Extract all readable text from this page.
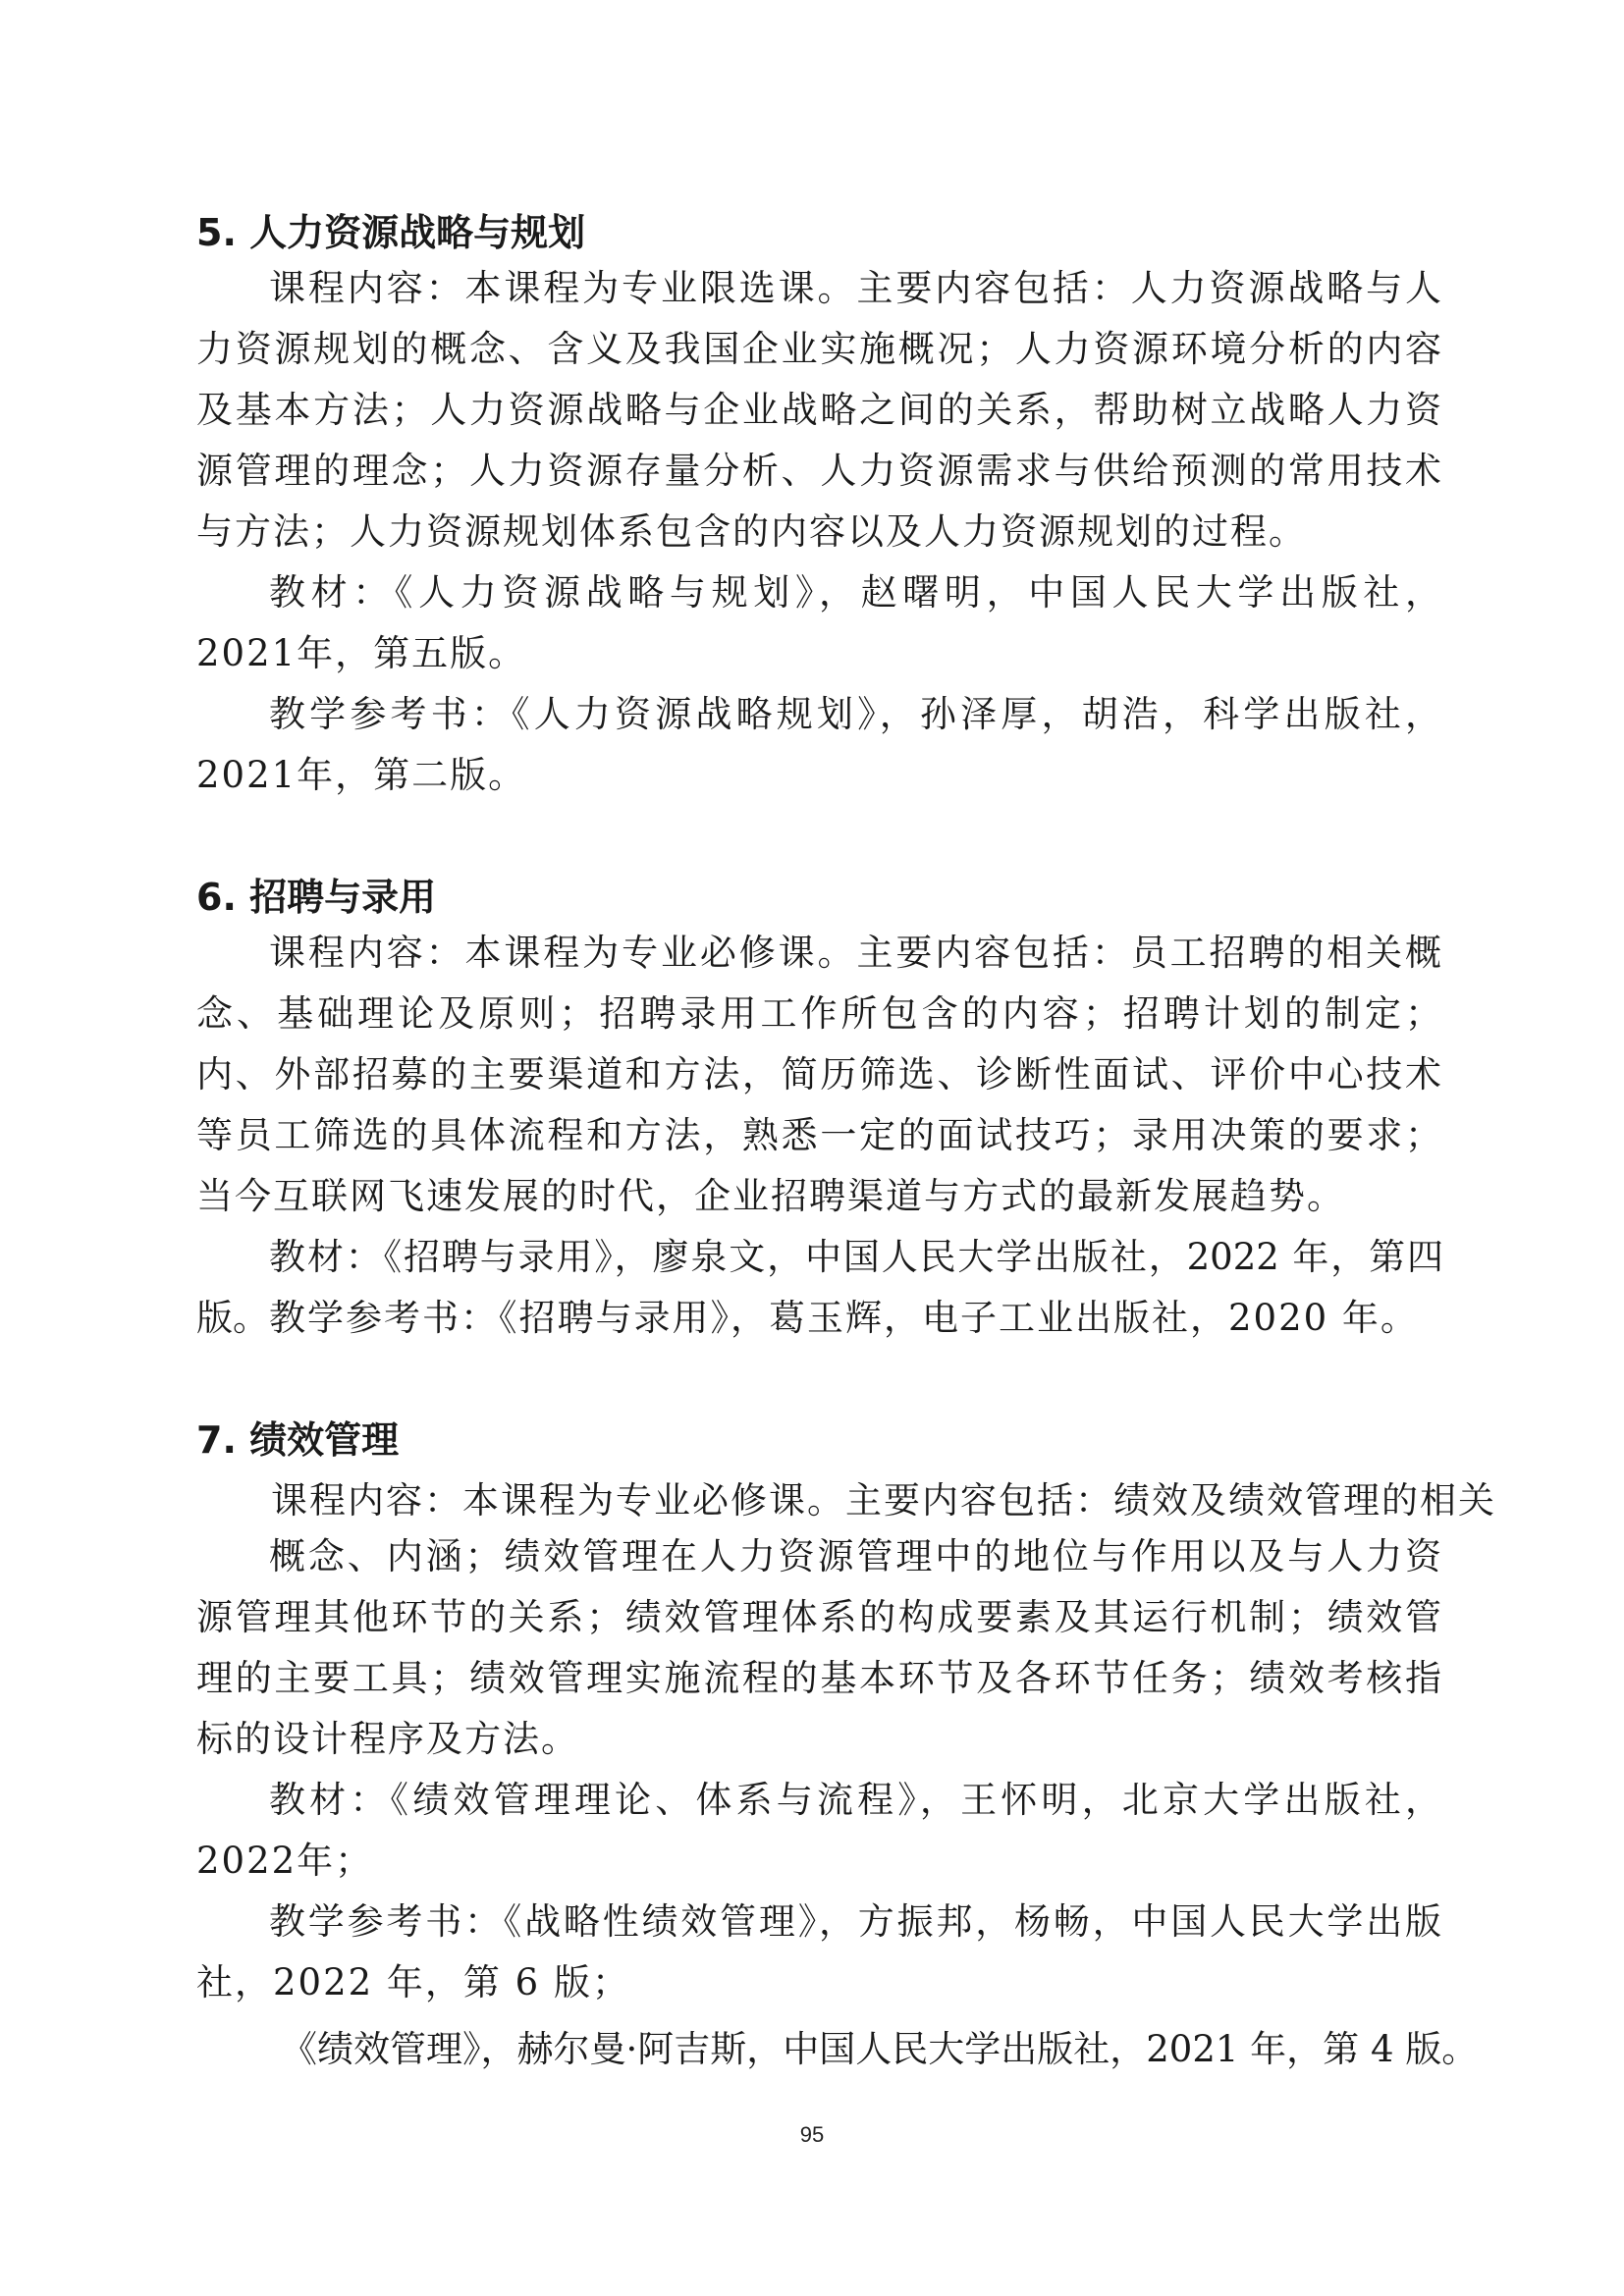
5. 人力资源战略与规划
课程内容：本课程为专业限选课。主要内容包括：人力资源战略与人力资源规划的概念、含义及我国企业实施概况；人力资源环境分析的内容及基本方法；人力资源战略与企业战略之间的关系，帮助树立战略人力资源管理的理念；人力资源存量分析、人力资源需求与供给预测的常用技术与方法；人力资源规划体系包含的内容以及人力资源规划的过程。
教材：《人力资源战略与规划》，赵曙明，中国人民大学出版社，2021年，第五版。
教学参考书：《人力资源战略规划》，孙泽厚，胡浩，科学出版社，2021年，第二版。
6. 招聘与录用
课程内容：本课程为专业必修课。主要内容包括：员工招聘的相关概念、基础理论及原则；招聘录用工作所包含的内容；招聘计划的制定；内、外部招募的主要渠道和方法，简历筛选、诊断性面试、评价中心技术等员工筛选的具体流程和方法，熟悉一定的面试技巧；录用决策的要求；当今互联网飞速发展的时代，企业招聘渠道与方式的最新发展趋势。
教材：《招聘与录用》，廖泉文，中国人民大学出版社，2022 年，第四版。 教学参考书：《招聘与录用》，葛玉辉，电子工业出版社，2020 年。
7. 绩效管理
课程内容：本课程为专业必修课。主要内容包括：绩效及绩效管理的相关
概念、内涵；绩效管理在人力资源管理中的地位与作用以及与人力资源管理其他环节的关系；绩效管理体系的构成要素及其运行机制；绩效管理的主要工具；绩效管理实施流程的基本环节及各环节任务；绩效考核指标的设计程序及方法。
教材：《绩效管理理论、体系与流程》，王怀明，北京大学出版社，2022年；
教学参考书：《战略性绩效管理》，方振邦，杨畅，中国人民大学出版社，2022 年，第 6 版；
《绩效管理》，赫尔曼·阿吉斯，中国人民大学出版社，2021 年，第 4 版。
95
